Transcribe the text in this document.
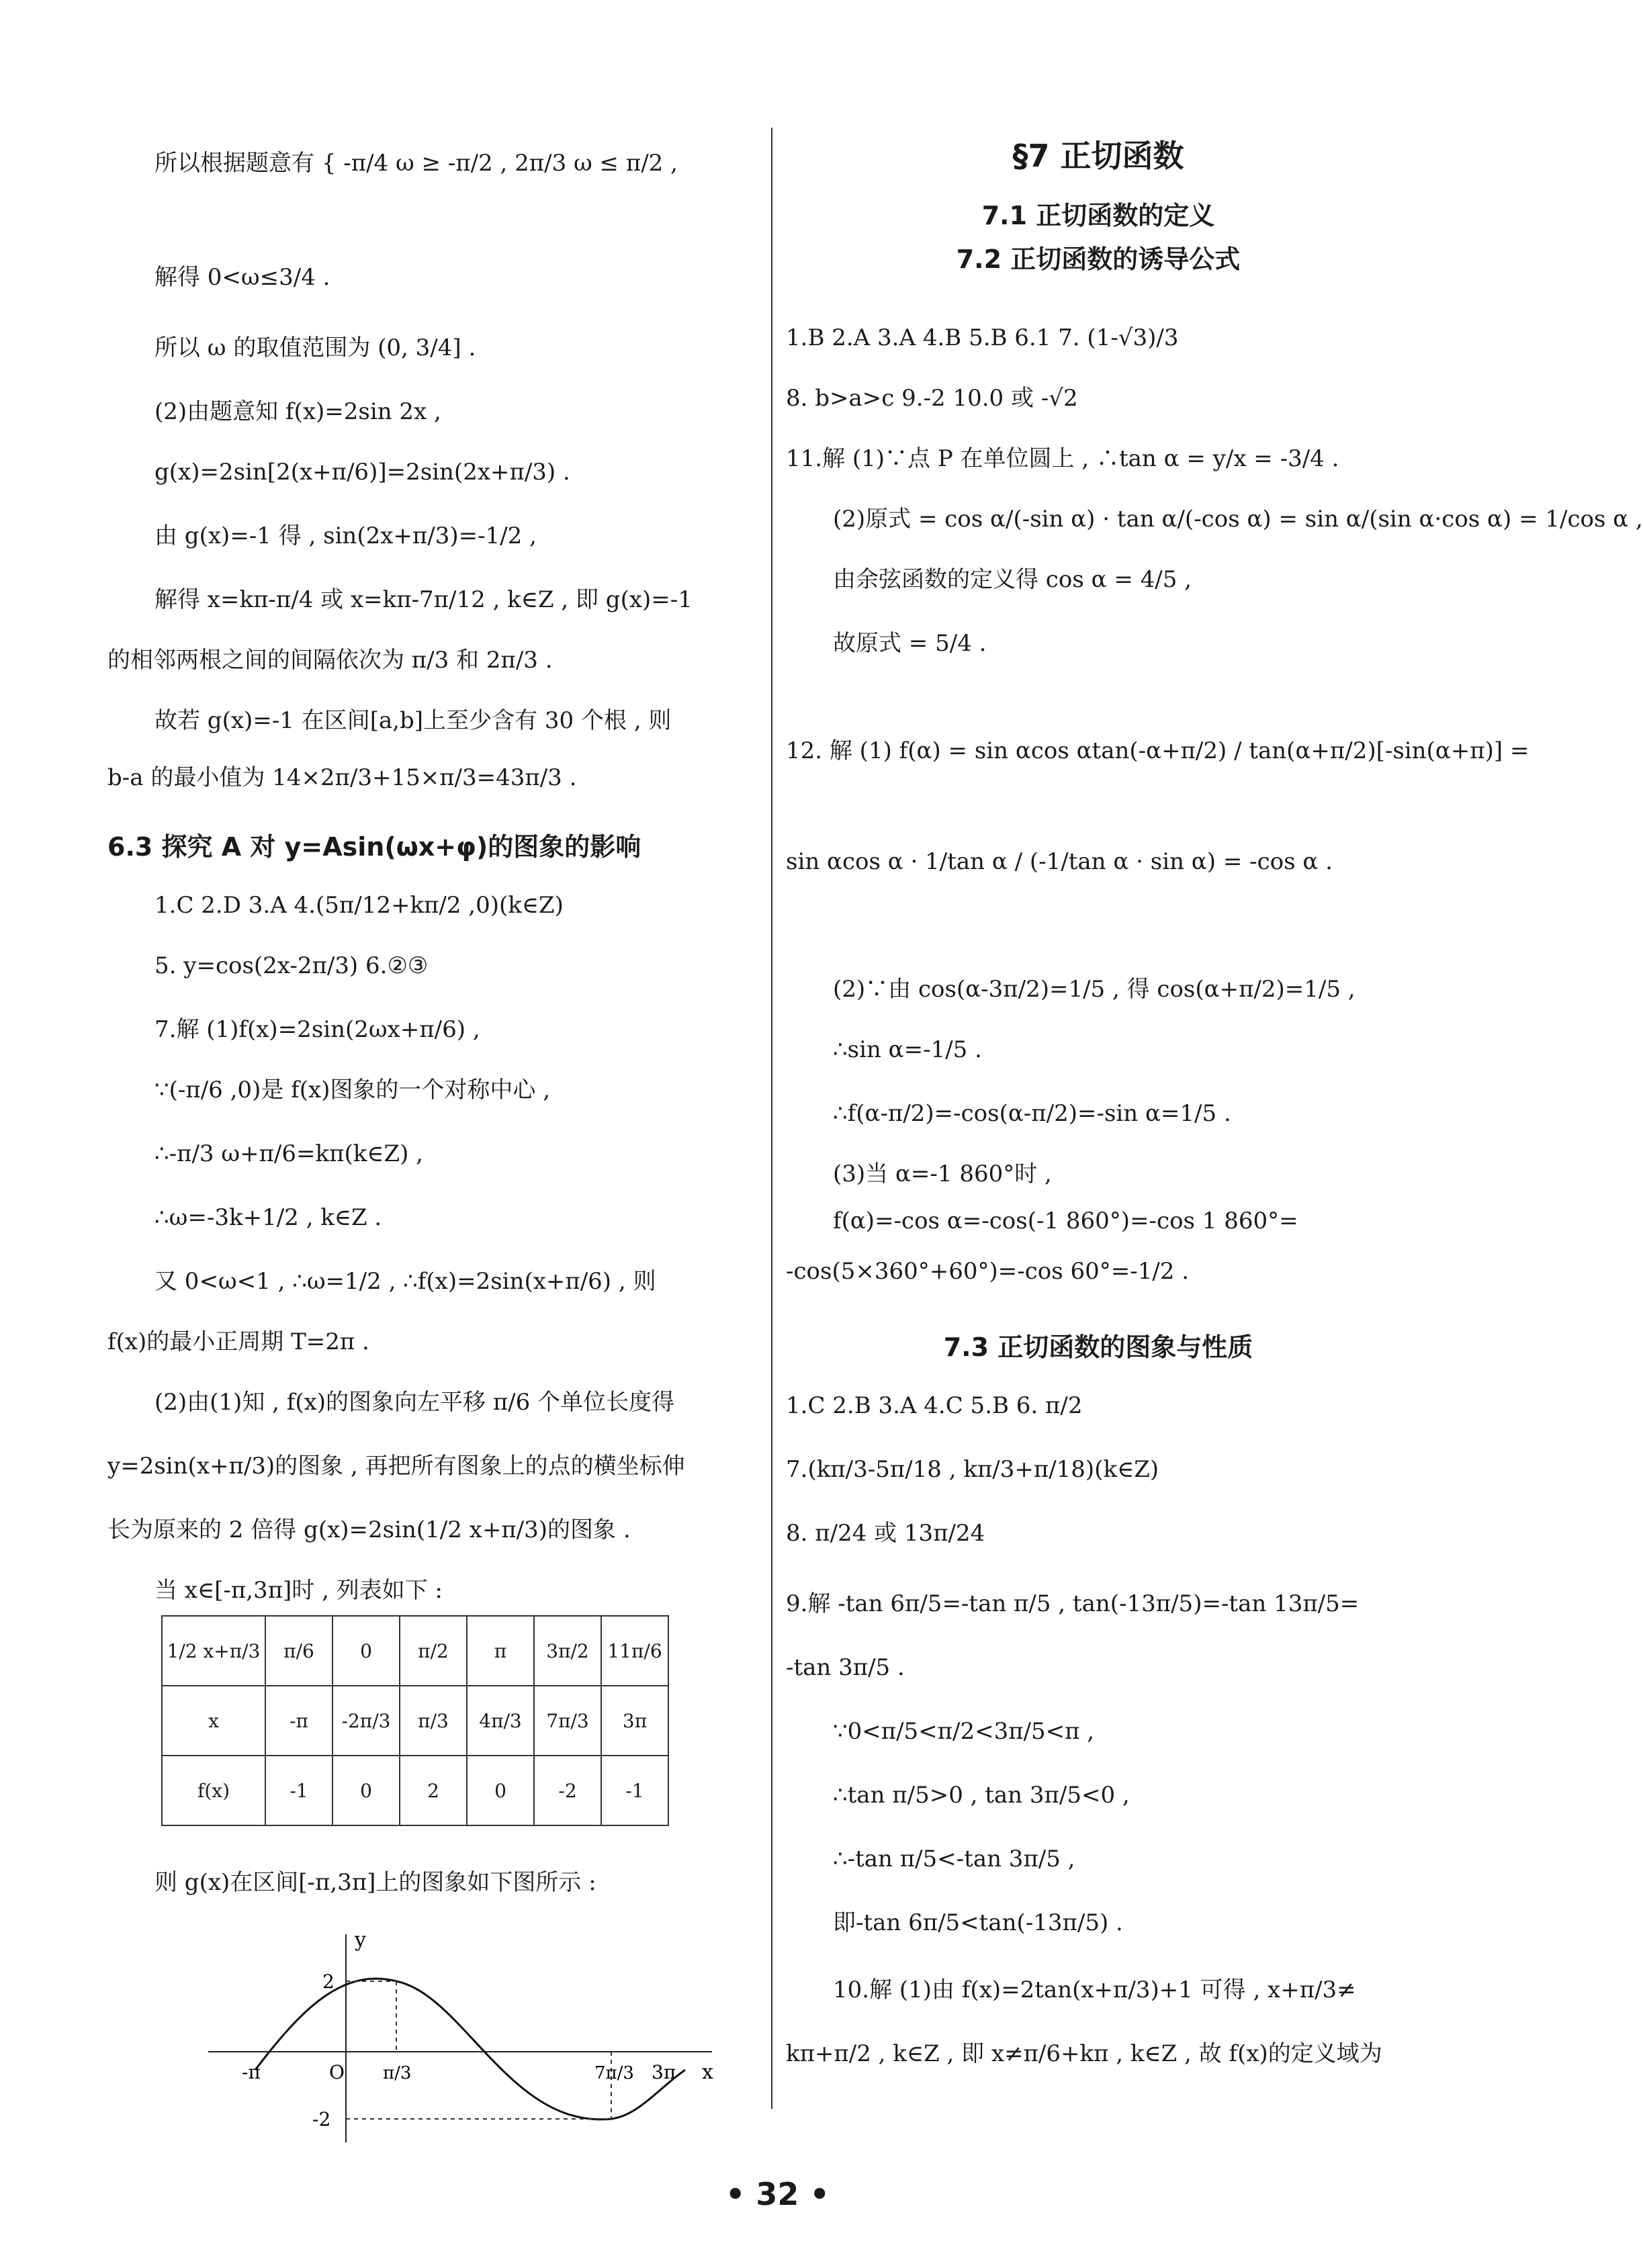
所以根据题意有 { -π/4 ω ≥ -π/2 , 2π/3 ω ≤ π/2 ,
解得 0<ω≤3/4 .
所以 ω 的取值范围为 (0, 3/4] .
(2)由题意知 f(x)=2sin 2x ,
g(x)=2sin[2(x+π/6)]=2sin(2x+π/3) .
由 g(x)=-1 得 , sin(2x+π/3)=-1/2 ,
解得 x=kπ-π/4 或 x=kπ-7π/12 , k∈Z , 即 g(x)=-1
的相邻两根之间的间隔依次为 π/3 和 2π/3 .
故若 g(x)=-1 在区间[a,b]上至少含有 30 个根 , 则
b-a 的最小值为 14×2π/3+15×π/3=43π/3 .
6.3 探究 A 对 y=Asin(ωx+φ)的图象的影响
1.C 2.D 3.A 4.(5π/12+kπ/2 ,0)(k∈Z)
5. y=cos(2x-2π/3) 6.②③
7.解 (1)f(x)=2sin(2ωx+π/6) ,
∵(-π/6 ,0)是 f(x)图象的一个对称中心 ,
∴-π/3 ω+π/6=kπ(k∈Z) ,
∴ω=-3k+1/2 , k∈Z .
又 0<ω<1 , ∴ω=1/2 , ∴f(x)=2sin(x+π/6) , 则
f(x)的最小正周期 T=2π .
(2)由(1)知 , f(x)的图象向左平移 π/6 个单位长度得
y=2sin(x+π/3)的图象 , 再把所有图象上的点的横坐标伸
长为原来的 2 倍得 g(x)=2sin(1/2 x+π/3)的图象 .
当 x∈[-π,3π]时 , 列表如下 :
1/2 x+π/3	π/6	0	π/2	π	3π/2	11π/6
x	-π	-2π/3	π/3	4π/3	7π/3	3π
f(x)	-1	0	2	0	-2	-1
则 g(x)在区间[-π,3π]上的图象如下图所示 :
y
2
-π	O π/3	7π/3 3π x
-2
§7 正切函数
7.1 正切函数的定义
7.2 正切函数的诱导公式
1.B 2.A 3.A 4.B 5.B 6.1 7. (1-√3)/3
8. b>a>c 9.-2 10.0 或 -√2
11.解 (1)∵点 P 在单位圆上 , ∴tan α = y/x = -3/4 .
(2)原式 = cos α/(-sin α) · tan α/(-cos α) = sin α/(sin α·cos α) = 1/cos α ,
由余弦函数的定义得 cos α = 4/5 ,
故原式 = 5/4 .
12. 解 (1) f(α) = sin αcos αtan(-α+π/2) / tan(α+π/2)[-sin(α+π)] =
sin αcos α · 1/tan α / (-1/tan α · sin α) = -cos α .
(2)∵由 cos(α-3π/2)=1/5 , 得 cos(α+π/2)=1/5 ,
∴sin α=-1/5 .
∴f(α-π/2)=-cos(α-π/2)=-sin α=1/5 .
(3)当 α=-1 860°时 ,
f(α)=-cos α=-cos(-1 860°)=-cos 1 860°=
-cos(5×360°+60°)=-cos 60°=-1/2 .
7.3 正切函数的图象与性质
1.C 2.B 3.A 4.C 5.B 6. π/2
7.(kπ/3-5π/18 , kπ/3+π/18)(k∈Z)
8. π/24 或 13π/24
9.解 -tan 6π/5=-tan π/5 , tan(-13π/5)=-tan 13π/5=
-tan 3π/5 .
∵0<π/5<π/2<3π/5<π ,
∴tan π/5>0 , tan 3π/5<0 ,
∴-tan π/5<-tan 3π/5 ,
即-tan 6π/5<tan(-13π/5) .
10.解 (1)由 f(x)=2tan(x+π/3)+1 可得 , x+π/3≠
kπ+π/2 , k∈Z , 即 x≠π/6+kπ , k∈Z , 故 f(x)的定义域为
• 32 •
